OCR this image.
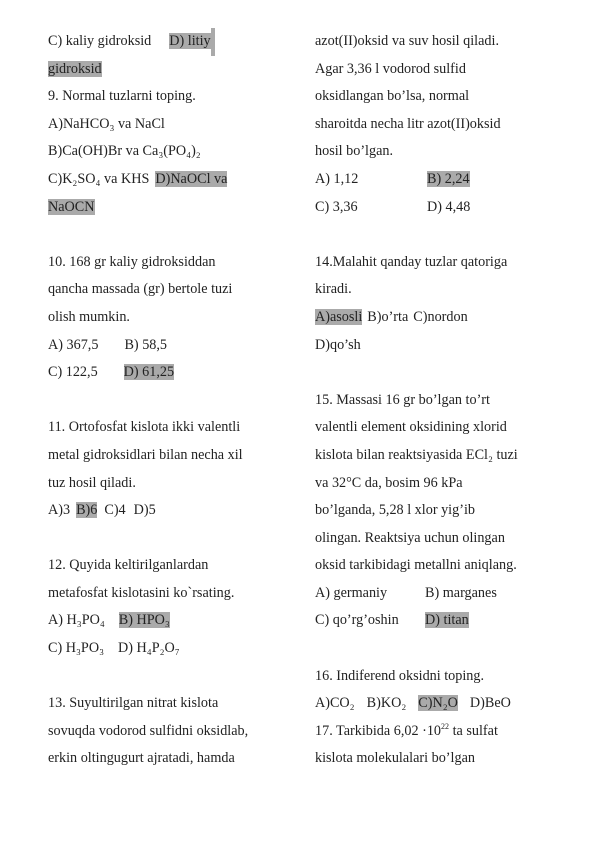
C) kaliy gidroksid D) litiy
gidroksid
9. Normal tuzlarni toping.
A)NaHCO₃ va NaCl
B)Ca(OH)Br va Ca₃(PO₄)₂
C)K₂SO₄ va KHS D)NaOCl va
NaOCN
10. 168 gr kaliy gidroksiddan
qancha massada (gr) bertole tuzi
olish mumkin.
A) 367,5 B) 58,5
C) 122,5 D) 61,25
11. Ortofosfat kislota ikki valentli
metal gidroksidlari bilan necha xil
tuz hosil qiladi.
A)3 B)6 C)4 D)5
12. Quyida keltirilganlardan
metafosfat kislotasini ko`rsating.
A) H₃PO₄ B) HPO₃
C) H₃PO₃ D) H₄P₂O₇
13. Suyultirilgan nitrat kislota
sovuqda vodorod sulfidni oksidlab,
erkin oltingugurt ajratadi, hamda
azot(II)oksid va suv hosil qiladi.
Agar 3,36 l vodorod sulfid
oksidlangan bo’lsa, normal
sharoitda necha litr azot(II)oksid
hosil bo’lgan.
A) 1,12	B) 2,24
C) 3,36	D) 4,48
14.Malahit qanday tuzlar qatoriga
kiradi.
A)asosli B)o’rta C)nordon
D)qo’sh
15. Massasi 16 gr bo’lgan to’rt
valentli element oksidining xlorid
kislota bilan reaktsiyasida ECl₂ tuzi
va 32°C da, bosim 96 kPa
bo’lganda, 5,28 l xlor yig’ib
olingan. Reaktsiya uchun olingan
oksid tarkibidagi metallni aniqlang.
A) germaniy	B) marganes
C) qo’rg’oshin D) titan
16. Indiferend oksidni toping.
A)CO₂ B)KO₂ C)N₂O D)BeO
17. Tarkibida $6,02 \cdot 10^{22}$ ta sulfat
kislota molekulalari bo’lgan
